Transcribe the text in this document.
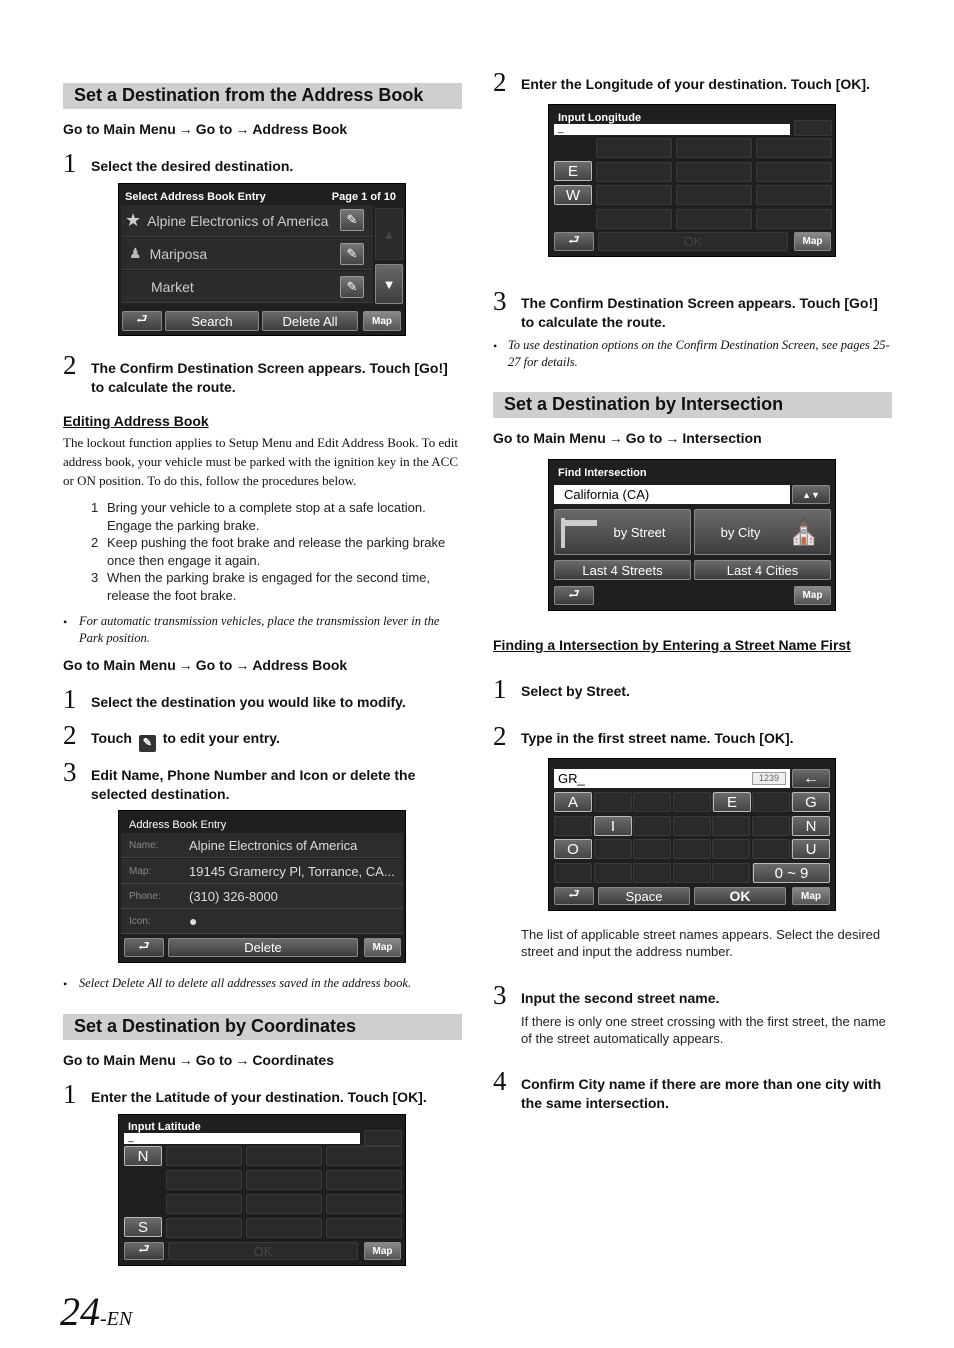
Set a Destination from the Address Book
Go to Main Menu → Go to → Address Book
1 Select the desired destination.
Select Address Book Entry	Page 1 of 10
★ Alpine Electronics of America	✎
♟ Mariposa	✎
Market	✎
▲
▼
⮐	Search	Delete All	Map
2 The Confirm Destination Screen appears. Touch [Go!] to calculate the route.
Editing Address Book
The lockout function applies to Setup Menu and Edit Address Book. To edit address book, your vehicle must be parked with the ignition key in the ACC or ON position. To do this, follow the procedures below.
1 Bring your vehicle to a complete stop at a safe location. Engage the parking brake.
2 Keep pushing the foot brake and release the parking brake once then engage it again.
3 When the parking brake is engaged for the second time, release the foot brake.
• For automatic transmission vehicles, place the transmission lever in the Park position.
Go to Main Menu → Go to → Address Book
1 Select the destination you would like to modify.
2 Touch ✎ to edit your entry.
3 Edit Name, Phone Number and Icon or delete the selected destination.
Address Book Entry
Name:	Alpine Electronics of America
Map:	19145 Gramercy Pl, Torrance, CA...
Phone:	(310) 326-8000
Icon:	●
⮐	Delete	Map
• Select Delete All to delete all addresses saved in the address book.
Set a Destination by Coordinates
Go to Main Menu → Go to → Coordinates
1 Enter the Latitude of your destination. Touch [OK].
Input Latitude
_
N
S
⮐	OK	Map
2 Enter the Longitude of your destination. Touch [OK].
Input Longitude
_
E
W
⮐	OK	Map
3 The Confirm Destination Screen appears. Touch [Go!] to calculate the route.
• To use destination options on the Confirm Destination Screen, see pages 25-27 for details.
Set a Destination by Intersection
Go to Main Menu → Go to → Intersection
Find Intersection
California (CA)	▲▼
by Street	by City	⛪
Last 4 Streets	Last 4 Cities
⮐	Map
Finding a Intersection by Entering a Street Name First
1 Select by Street.
2 Type in the first street name. Touch [OK].
GR_	1239	←
A	E	G
I	N
O	U
0 ~ 9
⮐	Space	OK	Map
The list of applicable street names appears. Select the desired street and input the address number.
3 Input the second street name.
If there is only one street crossing with the first street, the name of the street automatically appears.
4 Confirm City name if there are more than one city with the same intersection.
24-EN
